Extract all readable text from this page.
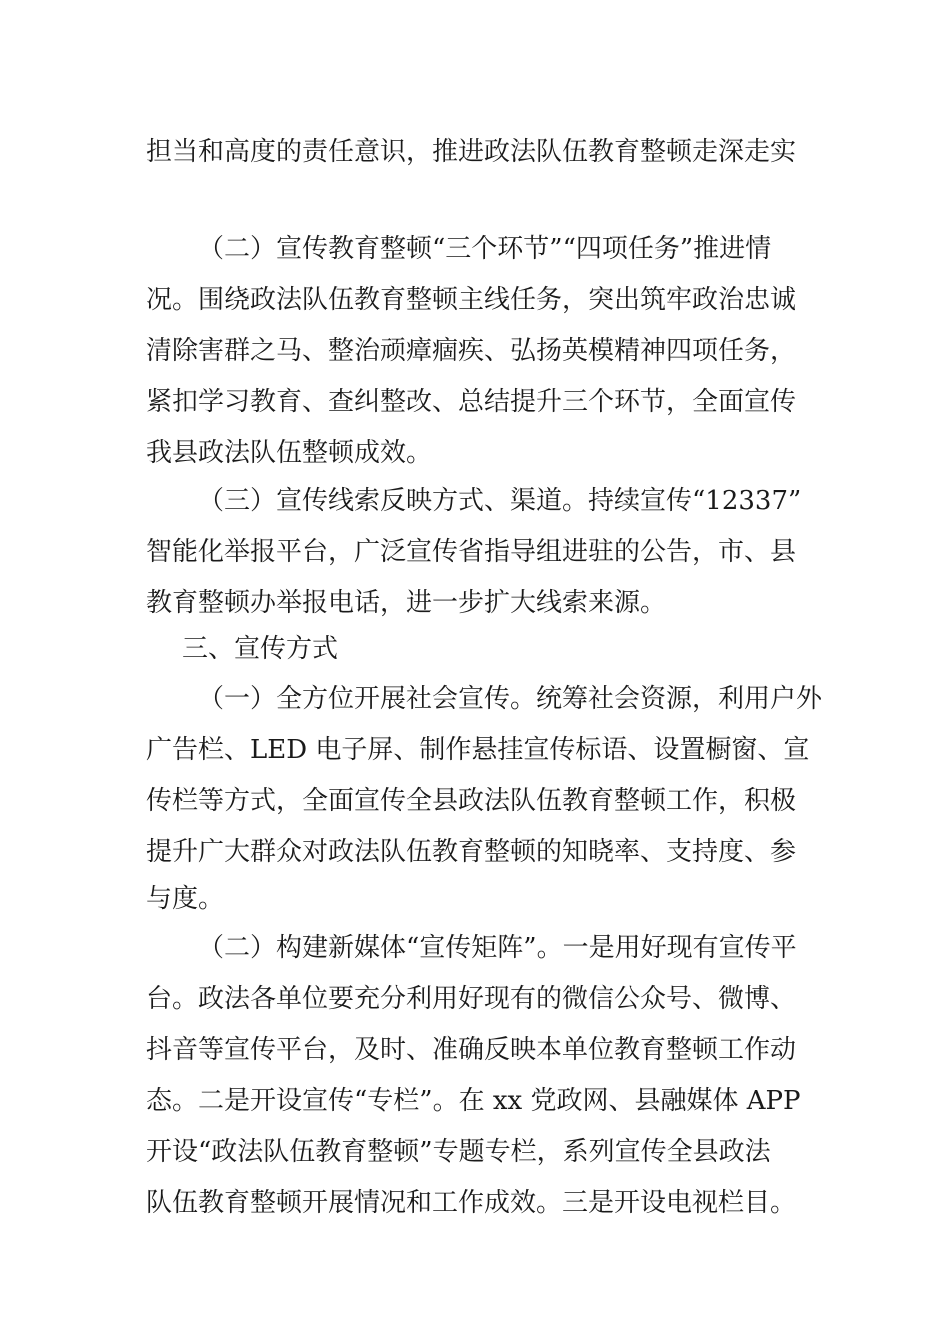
担当和高度的责任意识，推进政法队伍教育整顿走深走实
（二）宣传教育整顿“三个环节”“四项任务”推进情
况。围绕政法队伍教育整顿主线任务，突出筑牢政治忠诚
清除害群之马、整治顽瘴痼疾、弘扬英模精神四项任务，
紧扣学习教育、查纠整改、总结提升三个环节，全面宣传
我县政法队伍整顿成效。
（三）宣传线索反映方式、渠道。持续宣传“12337”
智能化举报平台，广泛宣传省指导组进驻的公告，市、县
教育整顿办举报电话，进一步扩大线索来源。
三、宣传方式
（一）全方位开展社会宣传。统筹社会资源，利用户外
广告栏、LED 电子屏、制作悬挂宣传标语、设置橱窗、宣
传栏等方式，全面宣传全县政法队伍教育整顿工作，积极
提升广大群众对政法队伍教育整顿的知晓率、支持度、参
与度。
（二）构建新媒体“宣传矩阵”。一是用好现有宣传平
台。政法各单位要充分利用好现有的微信公众号、微博、
抖音等宣传平台，及时、准确反映本单位教育整顿工作动
态。二是开设宣传“专栏”。在 xx 党政网、县融媒体 APP
开设“政法队伍教育整顿”专题专栏，系列宣传全县政法
队伍教育整顿开展情况和工作成效。三是开设电视栏目。
